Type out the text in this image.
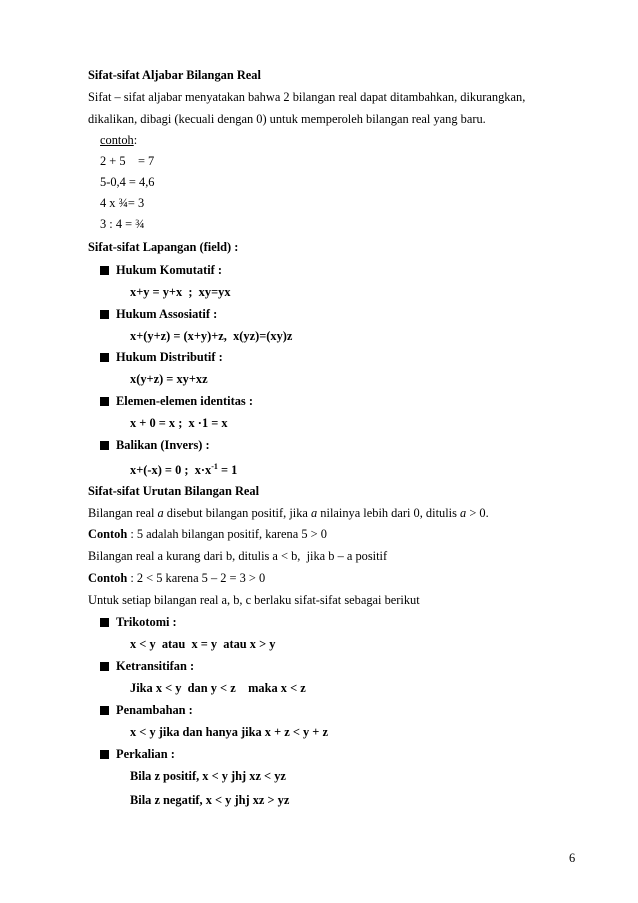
Sifat-sifat Aljabar Bilangan Real
Sifat – sifat aljabar menyatakan bahwa 2 bilangan real dapat ditambahkan, dikurangkan,
dikalikan, dibagi (kecuali dengan 0) untuk memperoleh bilangan real yang baru.
contoh:
2 + 5    = 7
5-0,4 = 4,6
4 x ¾= 3
3 : 4 = ¾
Sifat-sifat Lapangan (field) :
Hukum Komutatif :
x+y = y+x  ;  xy=yx
Hukum Assosiatif :
x+(y+z) = (x+y)+z,  x(yz)=(xy)z
Hukum Distributif :
x(y+z) = xy+xz
Elemen-elemen identitas :
x + 0 = x ;  x ·1 = x
Balikan (Invers) :
x+(-x) = 0 ;  $x\cdot x^{-1} = 1$
Sifat-sifat Urutan Bilangan Real
Bilangan real a disebut bilangan positif, jika a nilainya lebih dari 0, ditulis a > 0.
Contoh : 5 adalah bilangan positif, karena 5 > 0
Bilangan real a kurang dari b, ditulis a < b,  jika b – a positif
Contoh : 2 < 5 karena 5 – 2 = 3 > 0
Untuk setiap bilangan real a, b, c berlaku sifat-sifat sebagai berikut
Trikotomi :
x < y  atau  x = y  atau x > y
Ketransitifan :
Jika x < y  dan y < z    maka x < z
Penambahan :
x < y jika dan hanya jika x + z < y + z
Perkalian :
Bila z positif, x < y jhj xz < yz
Bila z negatif, x < y jhj xz > yz
6
